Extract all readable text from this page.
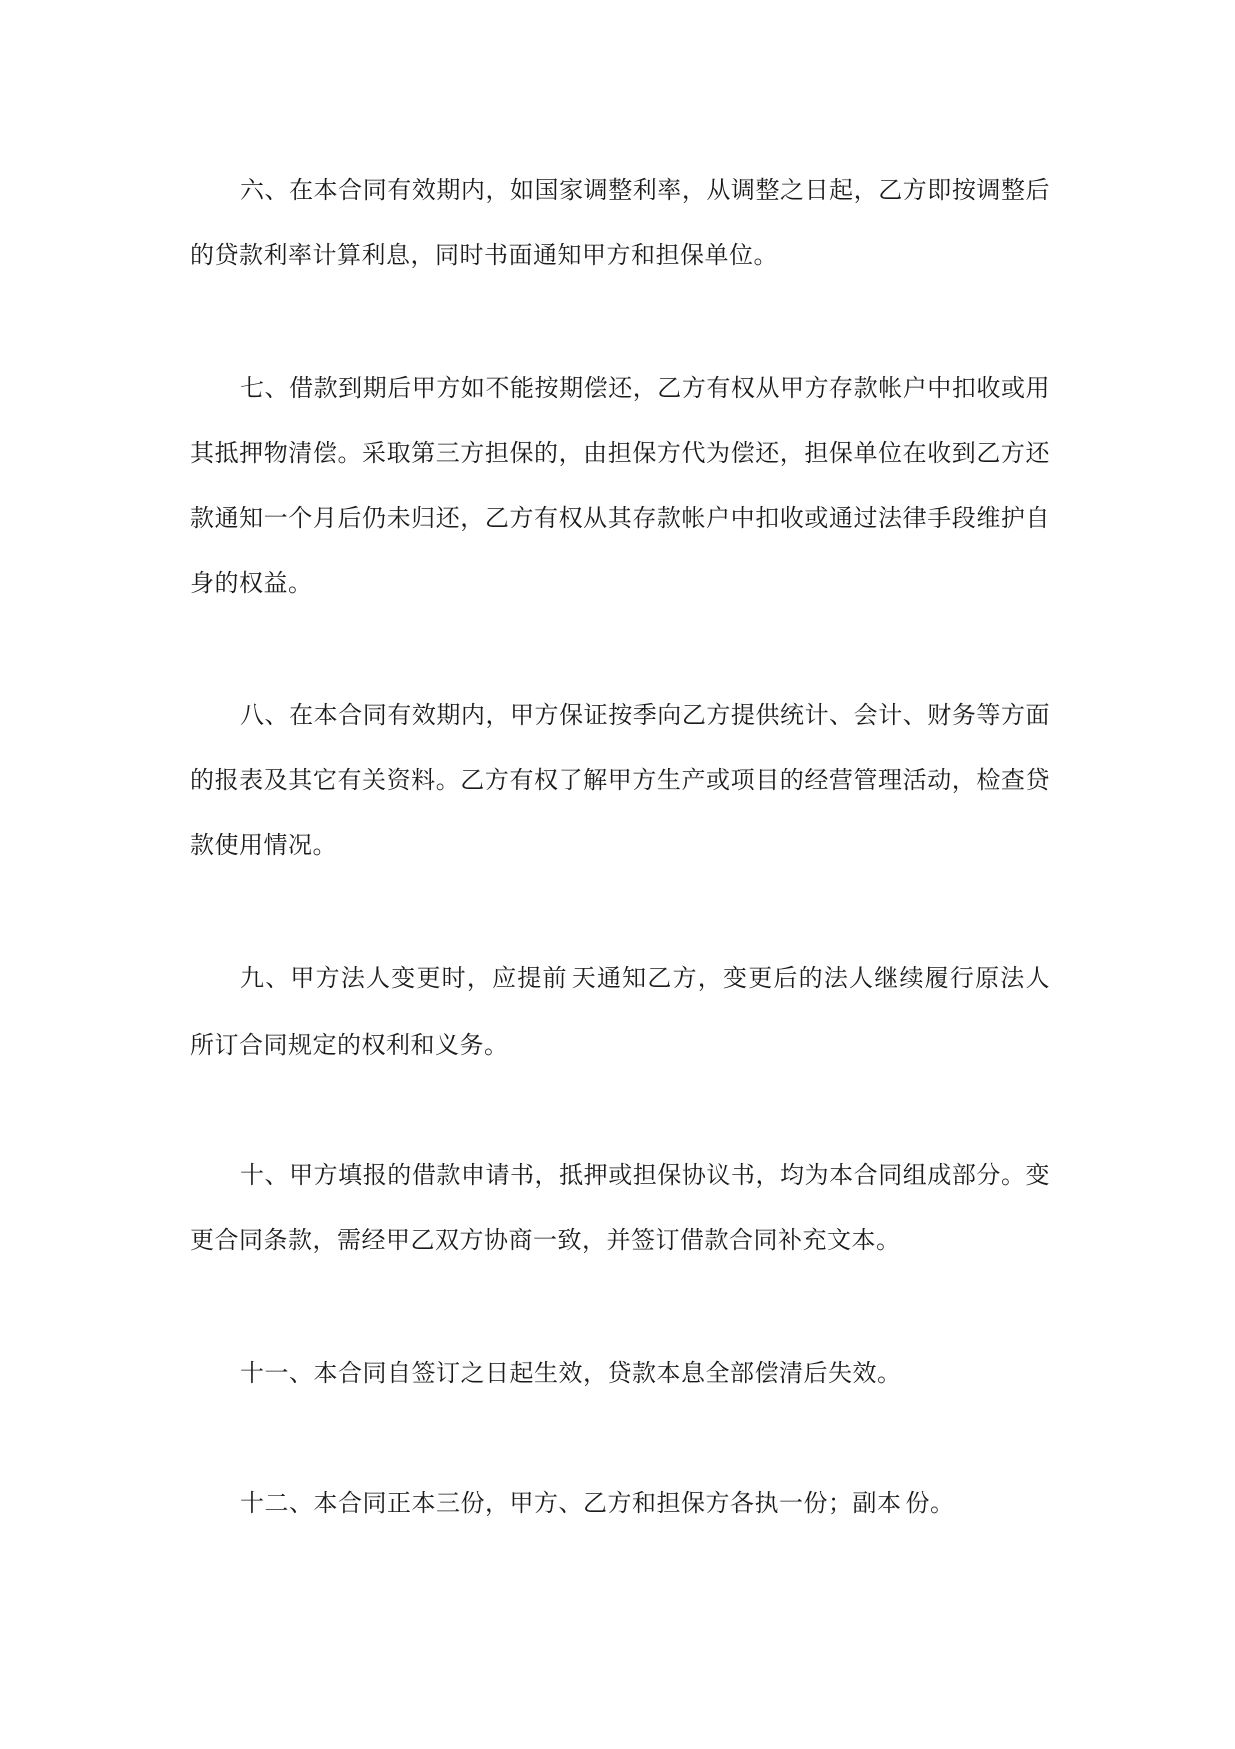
六、在本合同有效期内，如国家调整利率，从调整之日起，乙方即按调整后的贷款利率计算利息，同时书面通知甲方和担保单位。

七、借款到期后甲方如不能按期偿还，乙方有权从甲方存款帐户中扣收或用其抵押物清偿。采取第三方担保的，由担保方代为偿还，担保单位在收到乙方还款通知一个月后仍未归还，乙方有权从其存款帐户中扣收或通过法律手段维护自身的权益。

八、在本合同有效期内，甲方保证按季向乙方提供统计、会计、财务等方面的报表及其它有关资料。乙方有权了解甲方生产或项目的经营管理活动，检查贷款使用情况。

九、甲方法人变更时，应提前 天通知乙方，变更后的法人继续履行原法人所订合同规定的权利和义务。

十、甲方填报的借款申请书，抵押或担保协议书，均为本合同组成部分。变更合同条款，需经甲乙双方协商一致，并签订借款合同补充文本。

十一、本合同自签订之日起生效，贷款本息全部偿清后失效。

十二、本合同正本三份，甲方、乙方和担保方各执一份；副本 份。
